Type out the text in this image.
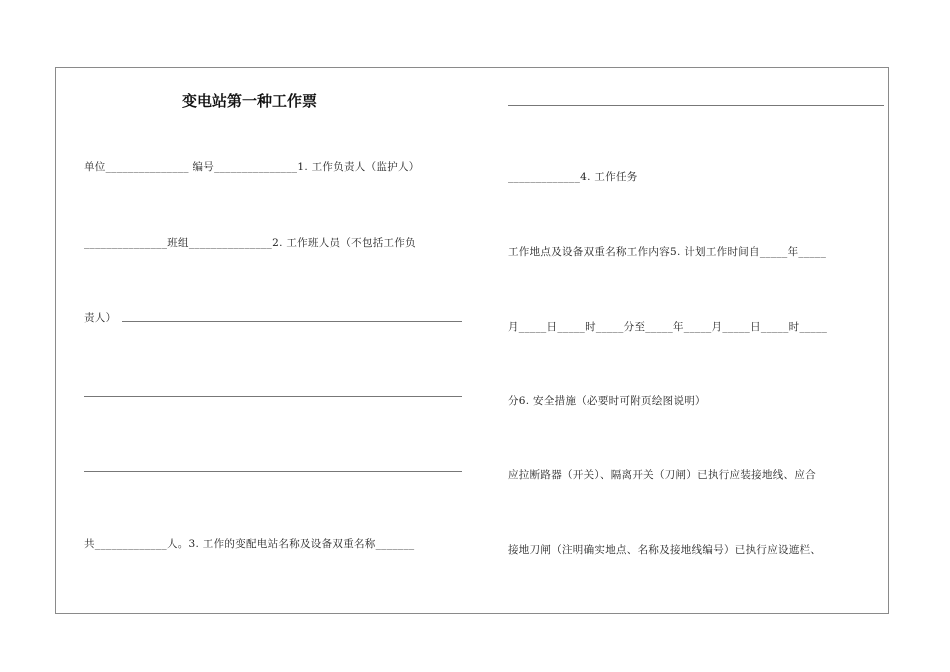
变电站第一种工作票
单位_______________ 编号_______________1. 工作负责人（监护人）
_______________班组_______________2. 工作班人员（不包括工作负
责人）
共_____________人。3. 工作的变配电站名称及设备双重名称_______
_____________4. 工作任务
工作地点及设备双重名称工作内容5. 计划工作时间自_____年_____
月_____日_____时_____分至_____年_____月_____日_____时_____
分6. 安全措施（必要时可附页绘图说明）
应拉断路器（开关）、隔离开关（刀闸）已执行应装接地线、应合
接地刀闸（注明确实地点、名称及接地线编号）已执行应设遮栏、
